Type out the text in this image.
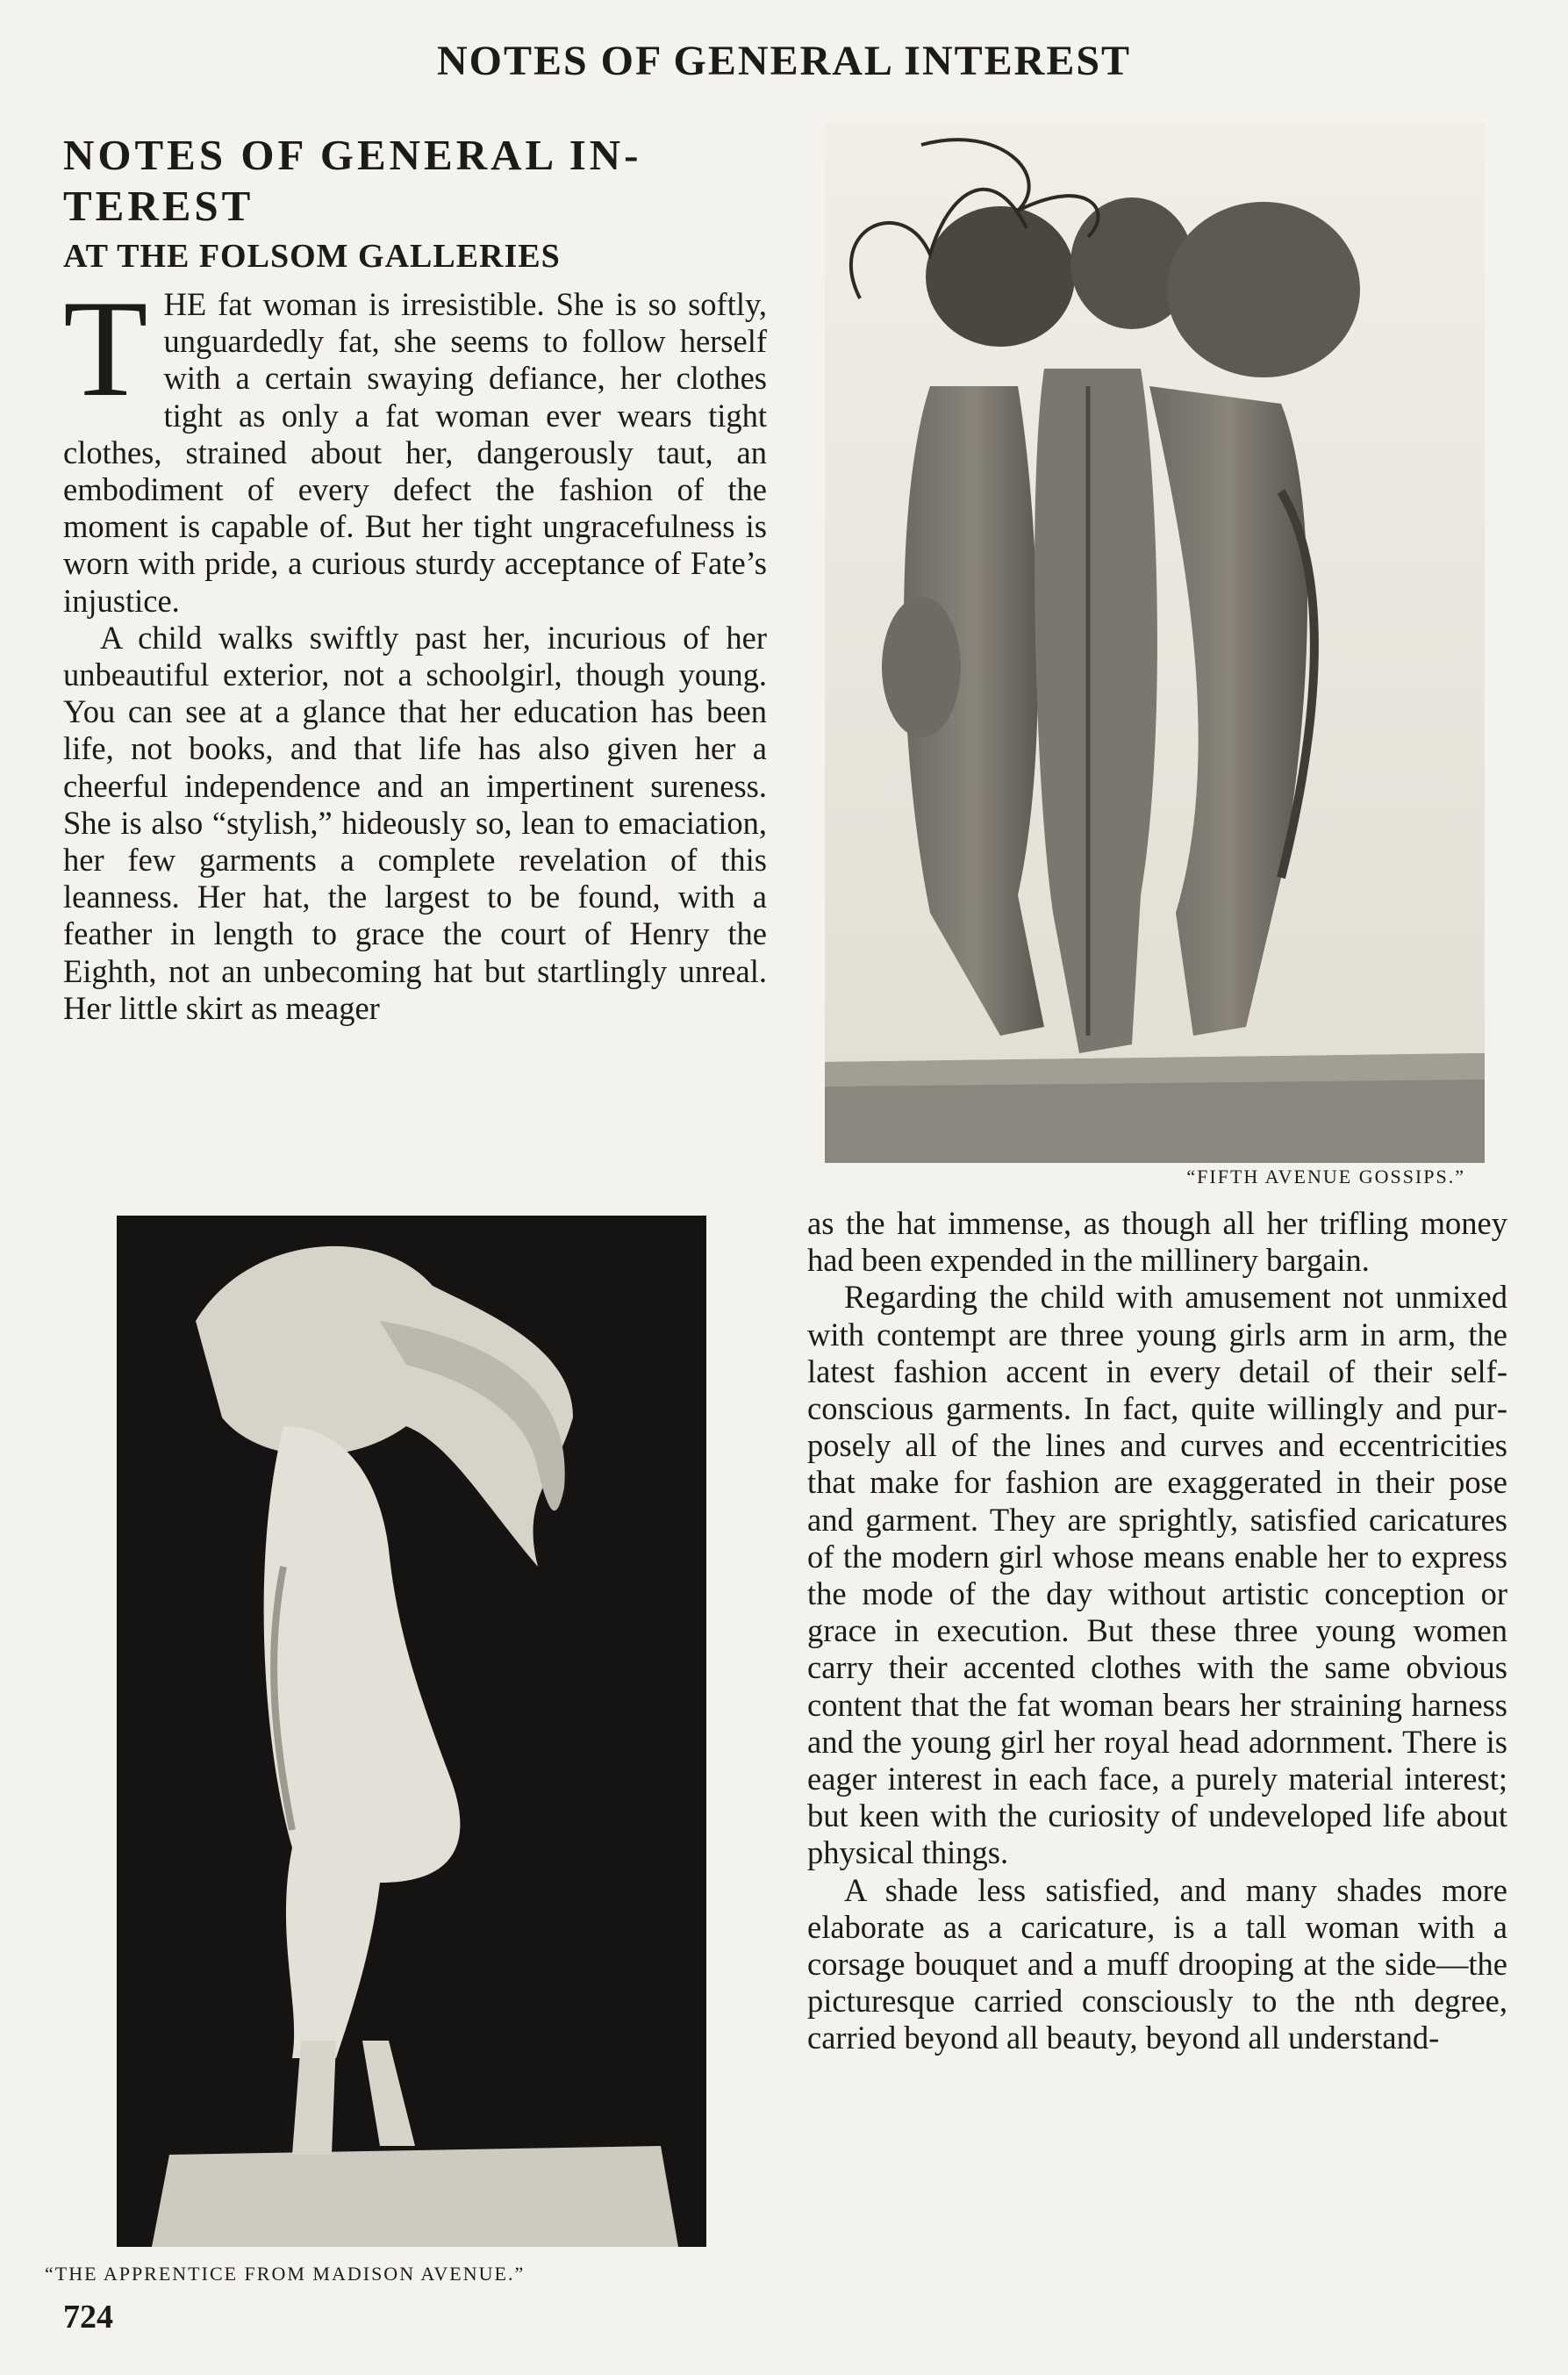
NOTES OF GENERAL INTEREST
NOTES OF GENERAL IN-TEREST
AT THE FOLSOM GALLERIES

THE fat woman is irresistible. She is so softly, unguardedly fat, she seems to follow herself with a certain swaying defiance, her clothes tight as only a fat woman ever wears tight clothes, strained about her, dangerously taut, an embodiment of every defect the fashion of the moment is capable of. But her tight ungracefulness is worn with pride, a curious sturdy acceptance of Fate’s injustice.

A child walks swiftly past her, incurious of her unbeautiful exterior, not a schoolgirl, though young. You can see at a glance that her education has been life, not books, and that life has also given her a cheerful independence and an impertinent sureness. She is also “stylish,” hideously so, lean to emaciation, her few garments a complete revelation of this leanness. Her hat, the largest to be found, with a feather in length to grace the court of Henry the Eighth, not an unbecoming hat but startlingly unreal. Her little skirt as meager

“FIFTH AVENUE GOSSIPS.”
“THE APPRENTICE FROM MADISON AVENUE.”

as the hat immense, as though all her trifling money had been expended in the millinery bargain.

Regarding the child with amusement not unmixed with contempt are three young girls arm in arm, the latest fashion accent in every detail of their self-conscious garments. In fact, quite willingly and purposely all of the lines and curves and eccentricities that make for fashion are exaggerated in their pose and garment. They are sprightly, satisfied caricatures of the modern girl whose means enable her to express the mode of the day without artistic conception or grace in execution. But these three young women carry their accented clothes with the same obvious content that the fat woman bears her straining harness and the young girl her royal head adornment. There is eager interest in each face, a purely material interest; but keen with the curiosity of undeveloped life about physical things.

A shade less satisfied, and many shades more elaborate as a caricature, is a tall woman with a corsage bouquet and a muff drooping at the side—the picturesque carried consciously to the nth degree, carried beyond all beauty, beyond all understand-

724
